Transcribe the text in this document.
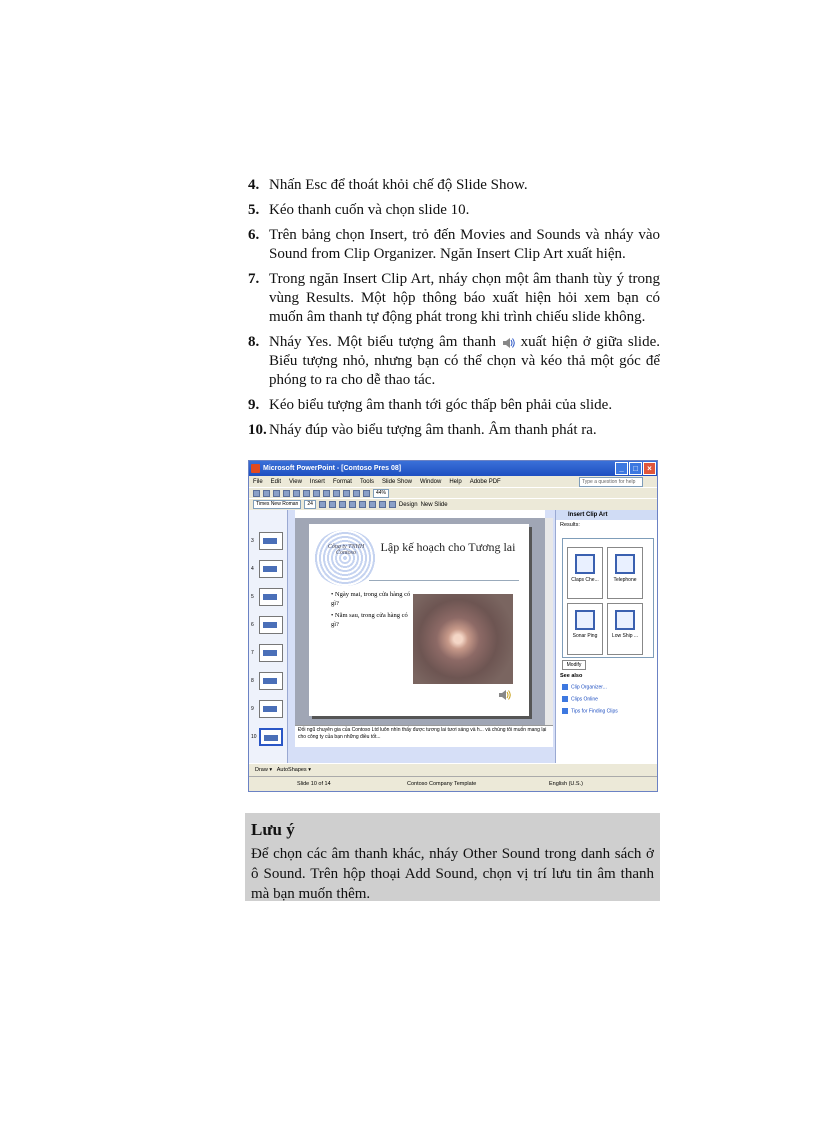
4. Nhấn Esc để thoát khỏi chế độ Slide Show.
5. Kéo thanh cuốn và chọn slide 10.
6. Trên bảng chọn Insert, trỏ đến Movies and Sounds và nháy vào Sound from Clip Organizer. Ngăn Insert Clip Art xuất hiện.
7. Trong ngăn Insert Clip Art, nháy chọn một âm thanh tùy ý trong vùng Results. Một hộp thông báo xuất hiện hỏi xem bạn có muốn âm thanh tự động phát trong khi trình chiếu slide không.
8. Nháy Yes. Một biểu tượng âm thanh xuất hiện ở giữa slide. Biểu tượng nhỏ, nhưng bạn có thể chọn và kéo thả một góc để phóng to ra cho dễ thao tác.
9. Kéo biểu tượng âm thanh tới góc thấp bên phải của slide.
10. Nháy đúp vào biểu tượng âm thanh. Âm thanh phát ra.
Microsoft PowerPoint - [Contoso Pres 08]	_	□	×
File Edit View Insert Format Tools Slide Show Window Help Adobe PDF	Type a question for help
44%
Times New Roman	24	Design New Slide
3
4
5
6
7
8
9
10
Công ty TNHH Contoso	Lập kế hoạch cho Tương lai
• Ngày mai, trong cửa hàng có gì?
• Năm sau, trong cửa hàng có gì?
Đối ngũ chuyên gia của Contoso Ltd luôn nhìn thấy được tương lai tươi sáng và h... và chúng tôi muốn mang lại cho công ty của bạn những điều tốt...
Insert Clip Art
Results:
Claps Che...	Telephone
Sonar Ping	Low Ship ...
Modify
See also
Clip Organizer...
Clips Online
Tips for Finding Clips
Draw ▾   AutoShapes ▾
Slide 10 of 14	Contoso Company Template	English (U.S.)
Lưu ý
Để chọn các âm thanh khác, nháy Other Sound trong danh sách ở ô Sound. Trên hộp thoại Add Sound, chọn vị trí lưu tin âm thanh mà bạn muốn thêm.
